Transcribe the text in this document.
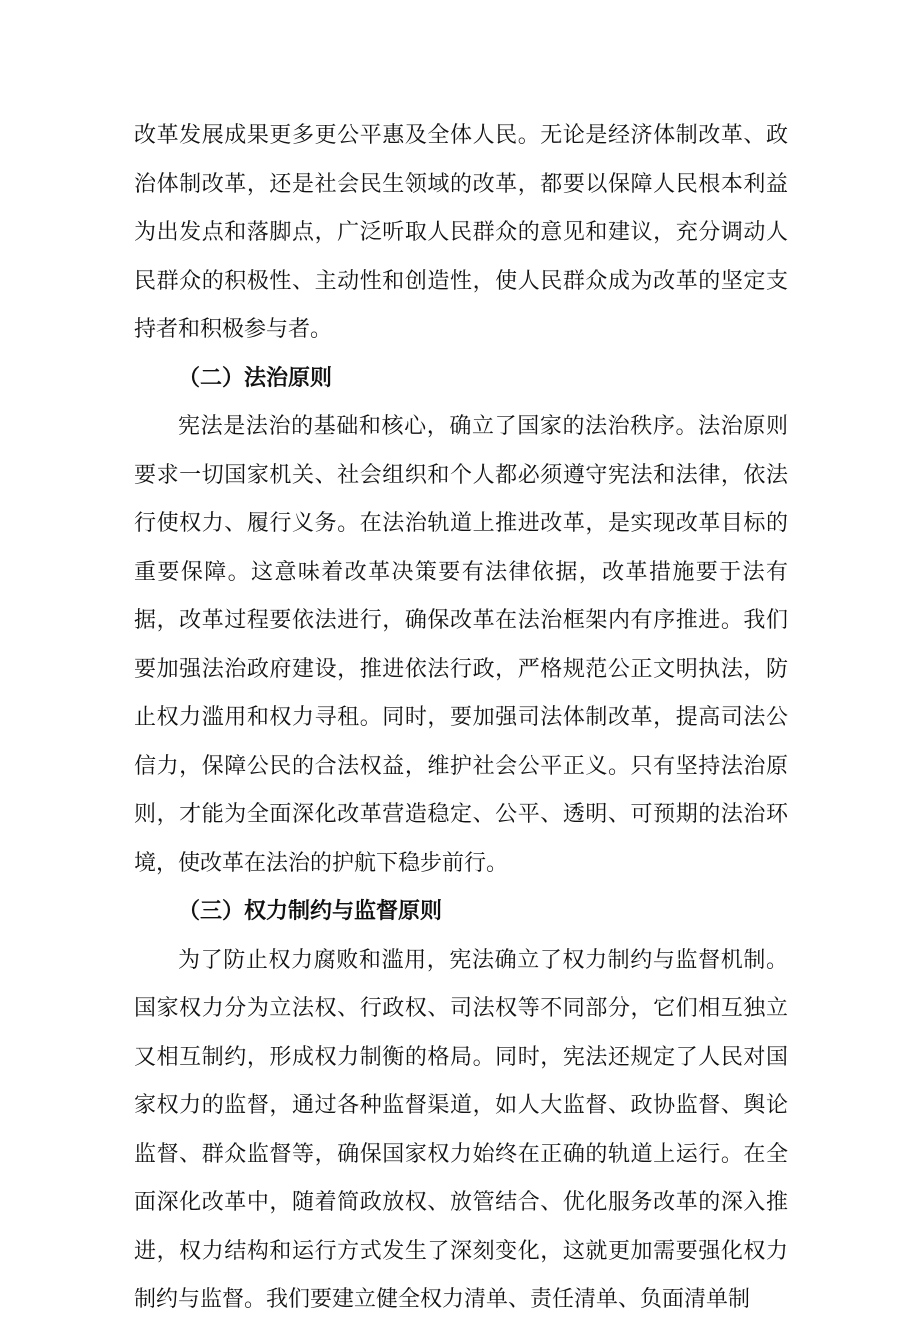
改革发展成果更多更公平惠及全体人民。无论是经济体制改革、政治体制改革，还是社会民生领域的改革，都要以保障人民根本利益为出发点和落脚点，广泛听取人民群众的意见和建议，充分调动人民群众的积极性、主动性和创造性，使人民群众成为改革的坚定支持者和积极参与者。

（二）法治原则

宪法是法治的基础和核心，确立了国家的法治秩序。法治原则要求一切国家机关、社会组织和个人都必须遵守宪法和法律，依法行使权力、履行义务。在法治轨道上推进改革，是实现改革目标的重要保障。这意味着改革决策要有法律依据，改革措施要于法有据，改革过程要依法进行，确保改革在法治框架内有序推进。我们要加强法治政府建设，推进依法行政，严格规范公正文明执法，防止权力滥用和权力寻租。同时，要加强司法体制改革，提高司法公信力，保障公民的合法权益，维护社会公平正义。只有坚持法治原则，才能为全面深化改革营造稳定、公平、透明、可预期的法治环境，使改革在法治的护航下稳步前行。

（三）权力制约与监督原则

为了防止权力腐败和滥用，宪法确立了权力制约与监督机制。国家权力分为立法权、行政权、司法权等不同部分，它们相互独立又相互制约，形成权力制衡的格局。同时，宪法还规定了人民对国家权力的监督，通过各种监督渠道，如人大监督、政协监督、舆论监督、群众监督等，确保国家权力始终在正确的轨道上运行。在全面深化改革中，随着简政放权、放管结合、优化服务改革的深入推进，权力结构和运行方式发生了深刻变化，这就更加需要强化权力制约与监督。我们要建立健全权力清单、责任清单、负面清单制
